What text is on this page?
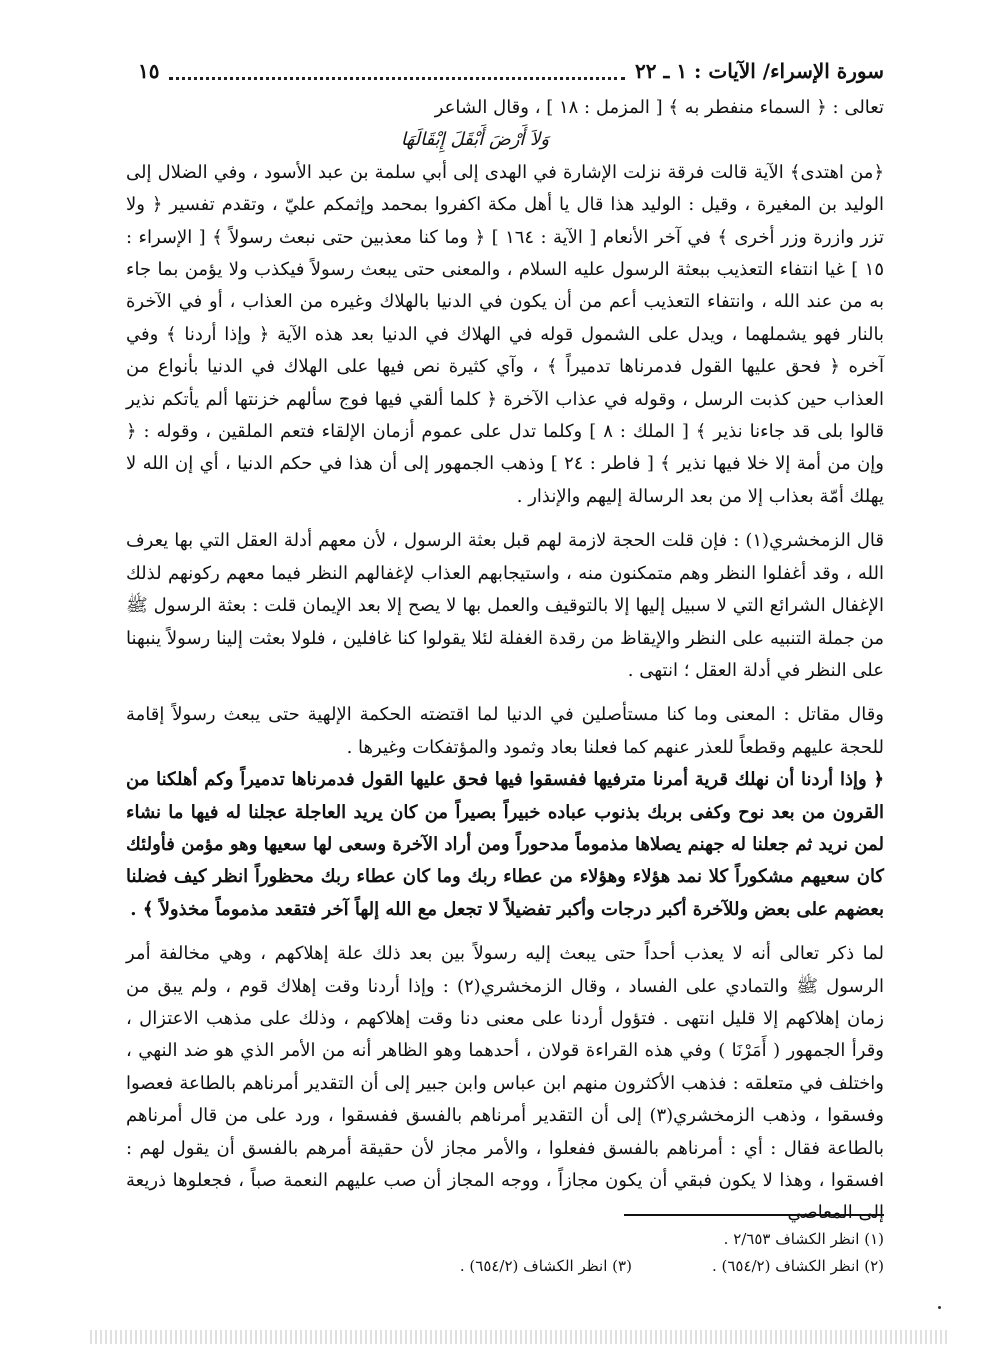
سورة الإسراء/ الآيات : ١ ـ ٢٢
١٥

تعالى : ﴿ السماء منفطر به ﴾ [ المزمل : ١٨ ] ، وقال الشاعر

وَلاَ أَرْضَ أَبْقَلَ إِبْقَالَهَا

﴿من اهتدى﴾ الآية قالت فرقة نزلت الإشارة في الهدى إلى أبي سلمة بن عبد الأسود ، وفي الضلال إلى الوليد بن المغيرة ، وقيل : الوليد هذا قال يا أهل مكة اكفروا بمحمد وإثمكم عليّ ، وتقدم تفسير ﴿ ولا تزر وازرة وزر أخرى ﴾ في آخر الأنعام [ الآية : ١٦٤ ] ﴿ وما كنا معذبين حتى نبعث رسولاً ﴾ [ الإسراء : ١٥ ] غيا انتفاء التعذيب ببعثة الرسول عليه السلام ، والمعنى حتى يبعث رسولاً فيكذب ولا يؤمن بما جاء به من عند الله ، وانتفاء التعذيب أعم من أن يكون في الدنيا بالهلاك وغيره من العذاب ، أو في الآخرة بالنار فهو يشملهما ، ويدل على الشمول قوله في الهلاك في الدنيا بعد هذه الآية ﴿ وإذا أردنا ﴾ وفي آخره ﴿ فحق عليها القول فدمرناها تدميراً ﴾ ، وآي كثيرة نص فيها على الهلاك في الدنيا بأنواع من العذاب حين كذبت الرسل ، وقوله في عذاب الآخرة ﴿ كلما ألقي فيها فوج سألهم خزنتها ألم يأتكم نذير قالوا بلى قد جاءنا نذير ﴾ [ الملك : ٨ ] وكلما تدل على عموم أزمان الإلقاء فتعم الملقين ، وقوله : ﴿ وإن من أمة إلا خلا فيها نذير ﴾ [ فاطر : ٢٤ ] وذهب الجمهور إلى أن هذا في حكم الدنيا ، أي إن الله لا يهلك أمّة بعذاب إلا من بعد الرسالة إليهم والإنذار .

قال الزمخشري(١) : فإن قلت الحجة لازمة لهم قبل بعثة الرسول ، لأن معهم أدلة العقل التي بها يعرف الله ، وقد أغفلوا النظر وهم متمكنون منه ، واستيجابهم العذاب لإغفالهم النظر فيما معهم ركونهم لذلك الإغفال الشرائع التي لا سبيل إليها إلا بالتوقيف والعمل بها لا يصح إلا بعد الإيمان قلت : بعثة الرسول ﷺ من جملة التنبيه على النظر والإيقاظ من رقدة الغفلة لئلا يقولوا كنا غافلين ، فلولا بعثت إلينا رسولاً ينبهنا على النظر في أدلة العقل ؛ انتهى .

وقال مقاتل : المعنى وما كنا مستأصلين في الدنيا لما اقتضته الحكمة الإلهية حتى يبعث رسولاً إقامة للحجة عليهم وقطعاً للعذر عنهم كما فعلنا بعاد وثمود والمؤتفكات وغيرها .

﴿ وإذا أردنا أن نهلك قرية أمرنا مترفيها ففسقوا فيها فحق عليها القول فدمرناها تدميراً وكم أهلكنا من القرون من بعد نوح وكفى بربك بذنوب عباده خبيراً بصيراً من كان يريد العاجلة عجلنا له فيها ما نشاء لمن نريد ثم جعلنا له جهنم يصلاها مذموماً مدحوراً ومن أراد الآخرة وسعى لها سعيها وهو مؤمن فأولئك كان سعيهم مشكوراً كلا نمد هؤلاء وهؤلاء من عطاء ربك وما كان عطاء ربك محظوراً انظر كيف فضلنا بعضهم على بعض وللآخرة أكبر درجات وأكبر تفضيلاً لا تجعل مع الله إلهاً آخر فتقعد مذموماً مخذولاً ﴾ .

لما ذكر تعالى أنه لا يعذب أحداً حتى يبعث إليه رسولاً بين بعد ذلك علة إهلاكهم ، وهي مخالفة أمر الرسول ﷺ والتمادي على الفساد ، وقال الزمخشري(٢) : وإذا أردنا وقت إهلاك قوم ، ولم يبق من زمان إهلاكهم إلا قليل انتهى . فتؤول أردنا على معنى دنا وقت إهلاكهم ، وذلك على مذهب الاعتزال ، وقرأ الجمهور ( أَمَرْنَا ) وفي هذه القراءة قولان ، أحدهما وهو الظاهر أنه من الأمر الذي هو ضد النهي ، واختلف في متعلقه : فذهب الأكثرون منهم ابن عباس وابن جبير إلى أن التقدير أمرناهم بالطاعة فعصوا وفسقوا ، وذهب الزمخشري(٣) إلى أن التقدير أمرناهم بالفسق ففسقوا ، ورد على من قال أمرناهم بالطاعة فقال : أي : أمرناهم بالفسق ففعلوا ، والأمر مجاز لأن حقيقة أمرهم بالفسق أن يقول لهم : افسقوا ، وهذا لا يكون فبقي أن يكون مجازاً ، ووجه المجاز أن صب عليهم النعمة صباً ، فجعلوها ذريعة إلى المعاصي

(١) انظر الكشاف ٢/٦٥٣ .
(٢) انظر الكشاف (٦٥٤/٢) .
(٣) انظر الكشاف (٦٥٤/٢) .
